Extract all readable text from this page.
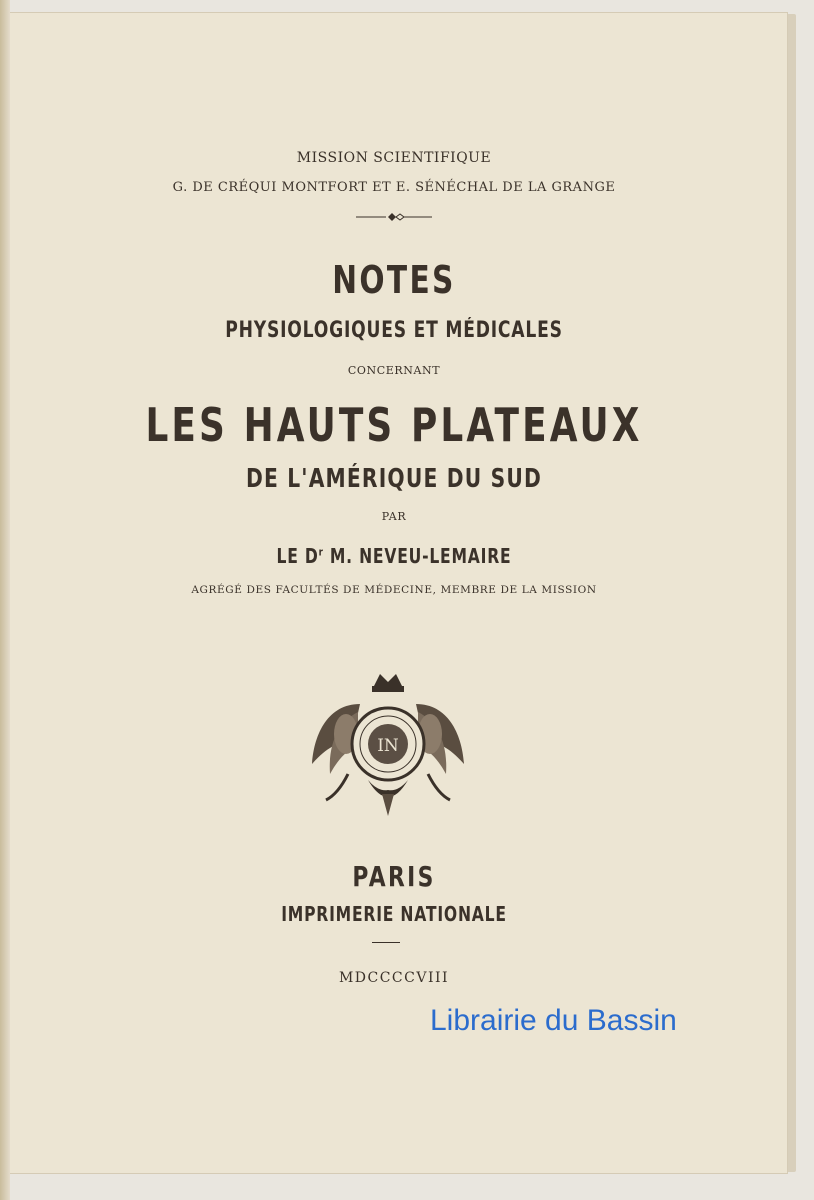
MISSION SCIENTIFIQUE
G. DE CRÉQUI MONTFORT ET E. SÉNÉCHAL DE LA GRANGE
NOTES
PHYSIOLOGIQUES ET MÉDICALES
CONCERNANT
LES HAUTS PLATEAUX
DE L'AMÉRIQUE DU SUD
PAR
LE $D^r$ M. NEVEU-LEMAIRE
AGRÉGÉ DES FACULTÉS DE MÉDECINE, MEMBRE DE LA MISSION
IN
PARIS
IMPRIMERIE NATIONALE
MDCCCCVIII
Librairie du Bassin
